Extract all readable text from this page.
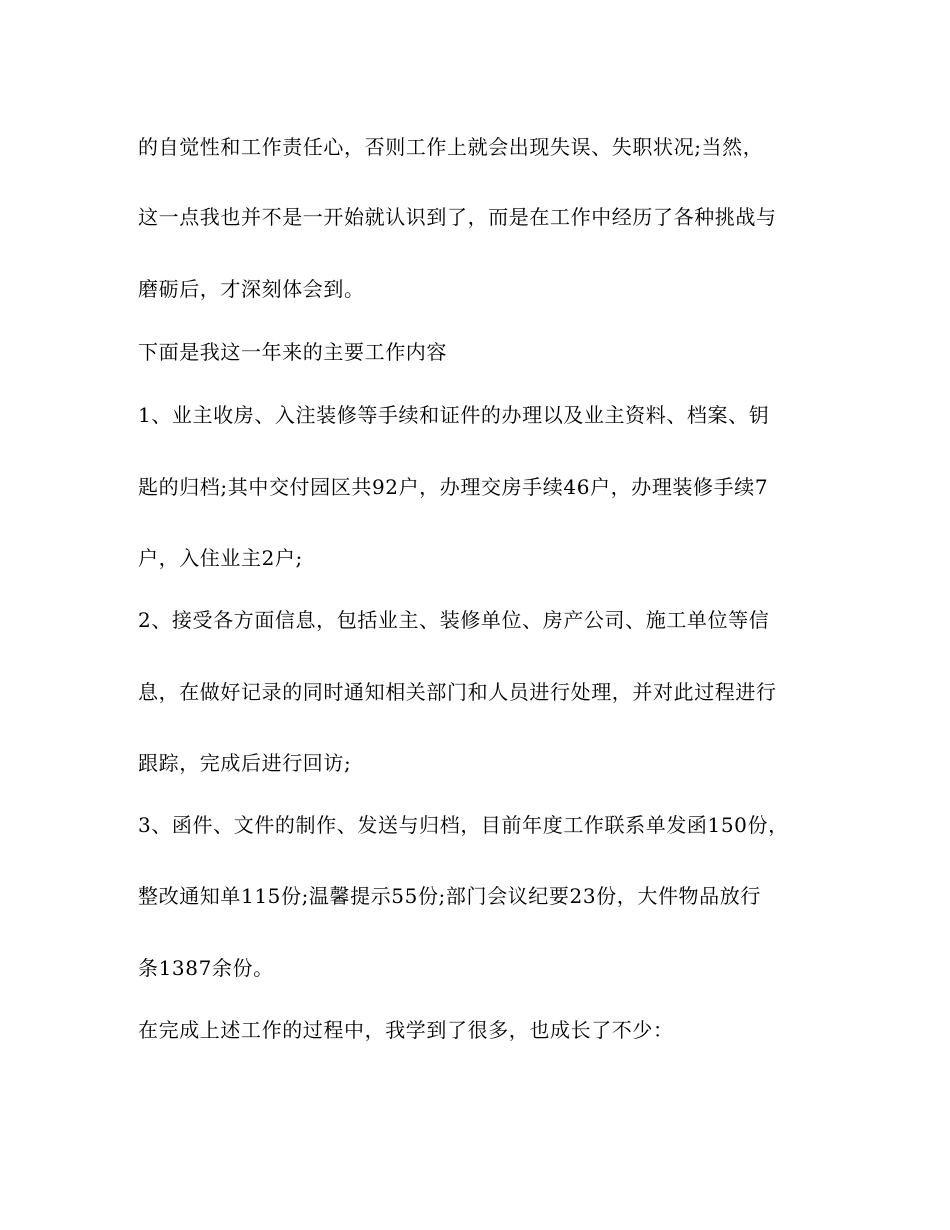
的自觉性和工作责任心，否则工作上就会出现失误、失职状况;当然，
这一点我也并不是一开始就认识到了，而是在工作中经历了各种挑战与
磨砺后，才深刻体会到。
下面是我这一年来的主要工作内容
1、业主收房、入注装修等手续和证件的办理以及业主资料、档案、钥
匙的归档;其中交付园区共92户，办理交房手续46户，办理装修手续7
户，入住业主2户;
2、接受各方面信息，包括业主、装修单位、房产公司、施工单位等信
息，在做好记录的同时通知相关部门和人员进行处理，并对此过程进行
跟踪，完成后进行回访;
3、函件、文件的制作、发送与归档，目前年度工作联系单发函150份，
整改通知单115份;温馨提示55份;部门会议纪要23份，大件物品放行
条1387余份。
在完成上述工作的过程中，我学到了很多，也成长了不少：
